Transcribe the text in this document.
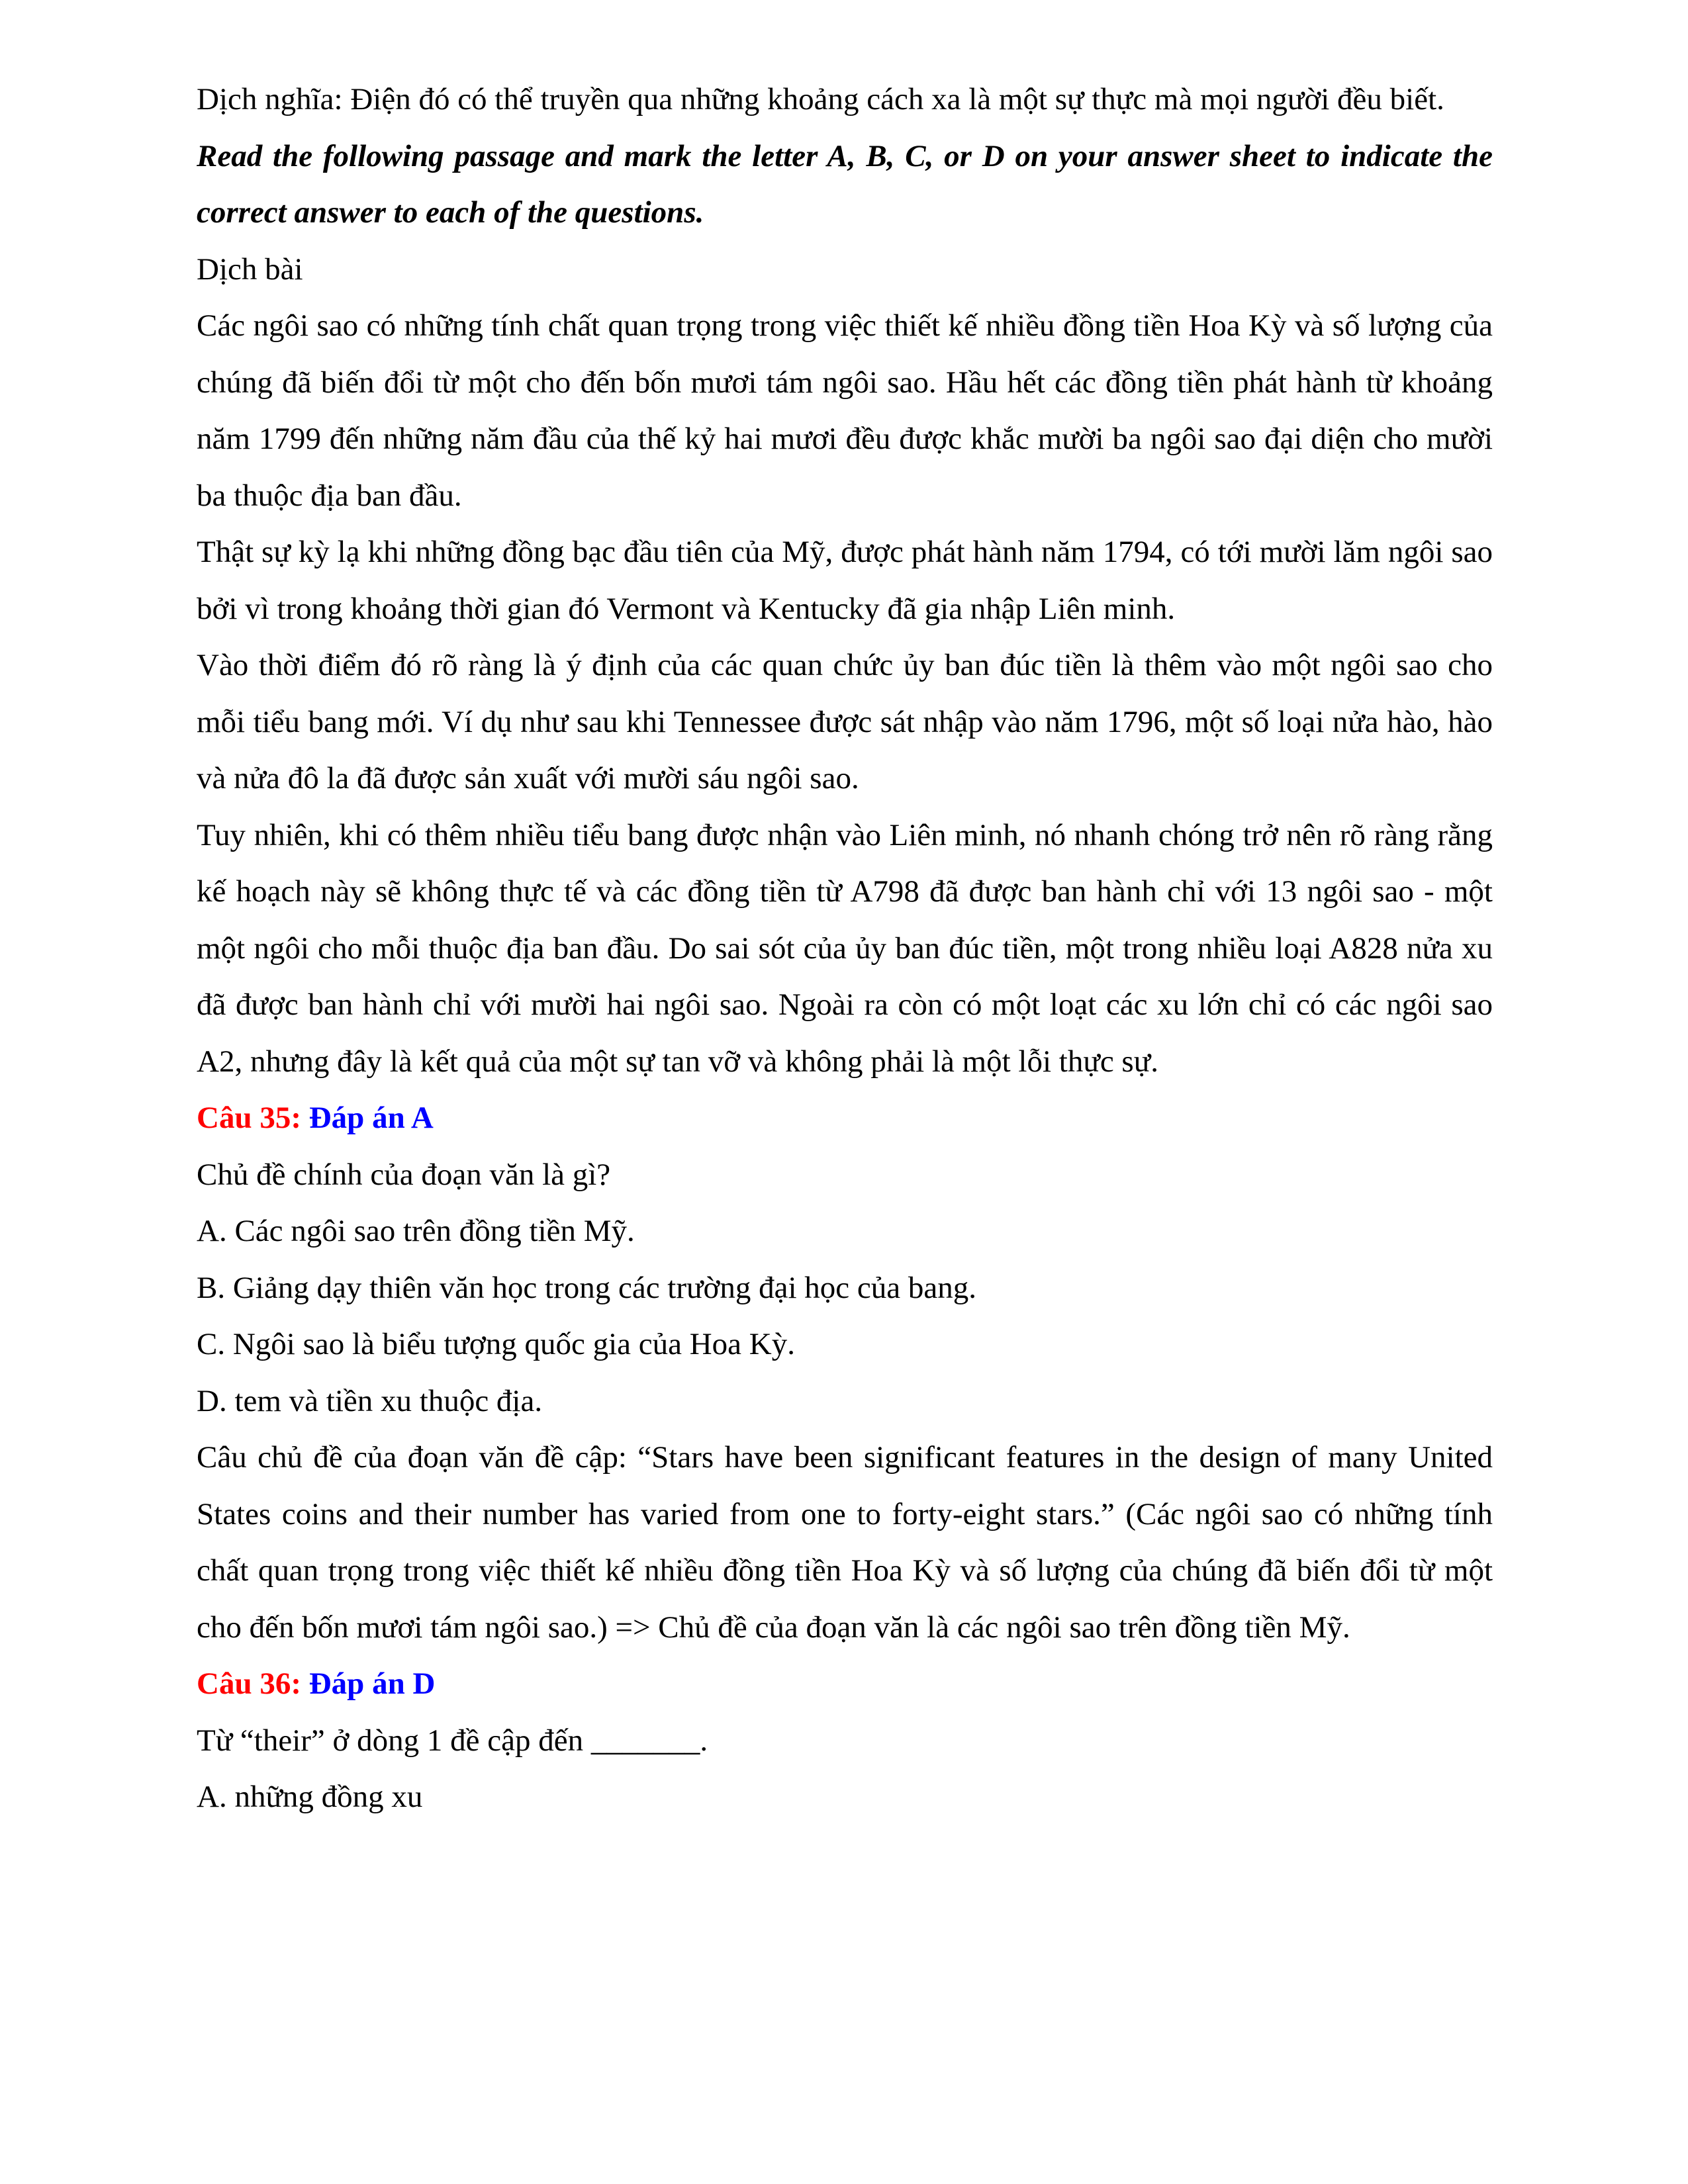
Dịch nghĩa: Điện đó có thể truyền qua những khoảng cách xa là một sự thực mà mọi người đều biết.

Read the following passage and mark the letter A, B, C, or D on your answer sheet to indicate the correct answer to each of the questions.

Dịch bài

Các ngôi sao có những tính chất quan trọng trong việc thiết kế nhiều đồng tiền Hoa Kỳ và số lượng của chúng đã biến đổi từ một cho đến bốn mươi tám ngôi sao. Hầu hết các đồng tiền phát hành từ khoảng năm 1799 đến những năm đầu của thế kỷ hai mươi đều được khắc mười ba ngôi sao đại diện cho mười ba thuộc địa ban đầu.

Thật sự kỳ lạ khi những đồng bạc đầu tiên của Mỹ, được phát hành năm 1794, có tới mười lăm ngôi sao bởi vì trong khoảng thời gian đó Vermont và Kentucky đã gia nhập Liên minh.

Vào thời điểm đó rõ ràng là ý định của các quan chức ủy ban đúc tiền là thêm vào một ngôi sao cho mỗi tiểu bang mới. Ví dụ như sau khi Tennessee được sát nhập vào năm 1796, một số loại nửa hào, hào và nửa đô la đã được sản xuất với mười sáu ngôi sao.

Tuy nhiên, khi có thêm nhiều tiểu bang được nhận vào Liên minh, nó nhanh chóng trở nên rõ ràng rằng kế hoạch này sẽ không thực tế và các đồng tiền từ A798 đã được ban hành chỉ với 13 ngôi sao - một một ngôi cho mỗi thuộc địa ban đầu. Do sai sót của ủy ban đúc tiền, một trong nhiều loại A828 nửa xu đã được ban hành chỉ với mười hai ngôi sao. Ngoài ra còn có một loạt các xu lớn chỉ có các ngôi sao A2, nhưng đây là kết quả của một sự tan vỡ và không phải là một lỗi thực sự.

Câu 35: Đáp án A

Chủ đề chính của đoạn văn là gì?

A. Các ngôi sao trên đồng tiền Mỹ.

B. Giảng dạy thiên văn học trong các trường đại học của bang.

C. Ngôi sao là biểu tượng quốc gia của Hoa Kỳ.

D. tem và tiền xu thuộc địa.

Câu chủ đề của đoạn văn đề cập: “Stars have been significant features in the design of many United States coins and their number has varied from one to forty-eight stars.” (Các ngôi sao có những tính chất quan trọng trong việc thiết kế nhiều đồng tiền Hoa Kỳ và số lượng của chúng đã biến đổi từ một cho đến bốn mươi tám ngôi sao.) => Chủ đề của đoạn văn là các ngôi sao trên đồng tiền Mỹ.

Câu 36: Đáp án D

Từ “their” ở dòng 1 đề cập đến _______.

A. những đồng xu
